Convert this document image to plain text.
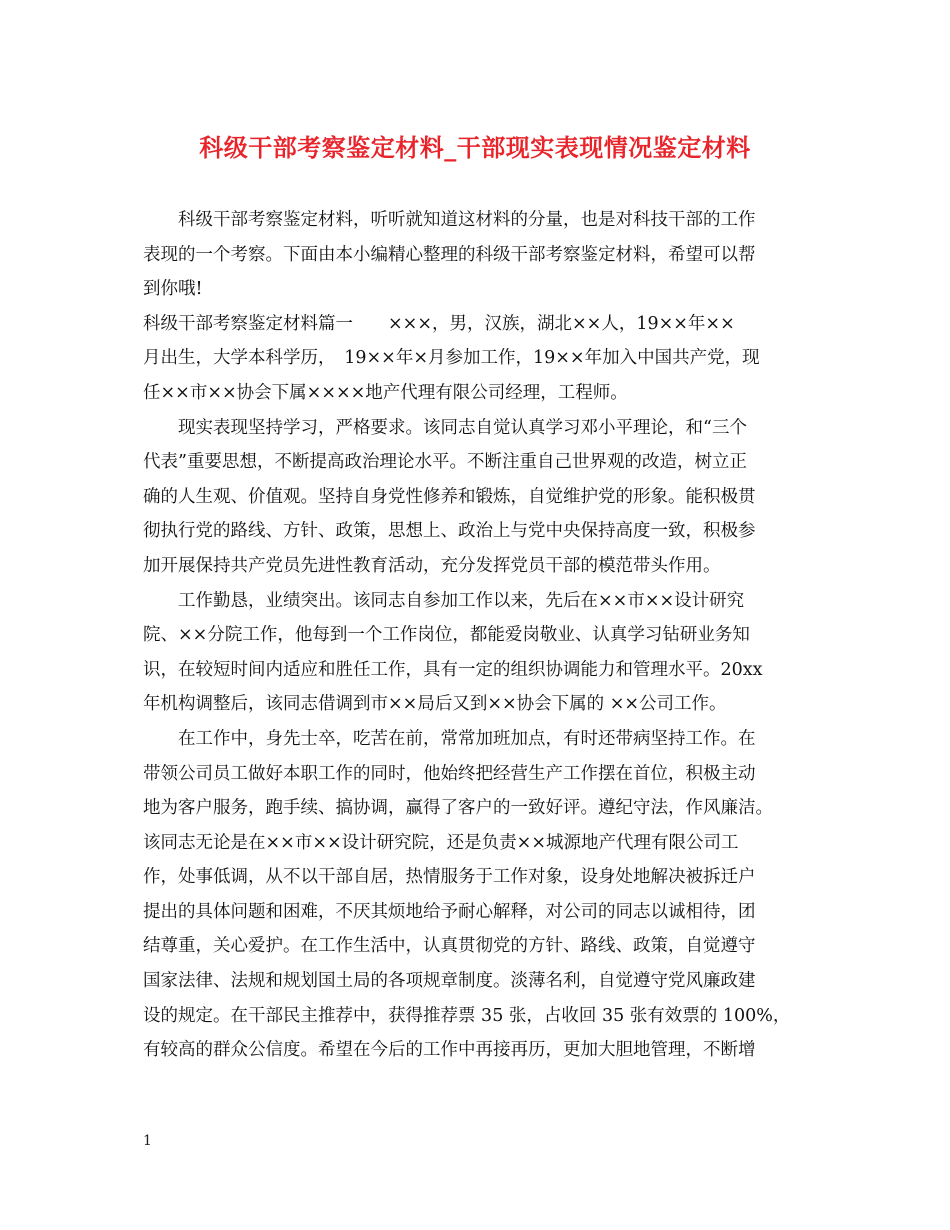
科级干部考察鉴定材料_干部现实表现情况鉴定材料
　　科级干部考察鉴定材料，听听就知道这材料的分量，也是对科技干部的工作
表现的一个考察。下面由本小编精心整理的科级干部考察鉴定材料，希望可以帮
到你哦!
科级干部考察鉴定材料篇一　　×××，男，汉族，湖北××人，19××年××
月出生，大学本科学历，　19××年×月参加工作，19××年加入中国共产党，现
任××市××协会下属××××地产代理有限公司经理，工程师。
　　现实表现坚持学习，严格要求。该同志自觉认真学习邓小平理论，和“三个
代表”重要思想，不断提高政治理论水平。不断注重自己世界观的改造，树立正
确的人生观、价值观。坚持自身党性修养和锻炼，自觉维护党的形象。能积极贯
彻执行党的路线、方针、政策，思想上、政治上与党中央保持高度一致，积极参
加开展保持共产党员先进性教育活动，充分发挥党员干部的模范带头作用。
　　工作勤恳，业绩突出。该同志自参加工作以来，先后在××市××设计研究
院、××分院工作，他每到一个工作岗位，都能爱岗敬业、认真学习钻研业务知
识，在较短时间内适应和胜任工作，具有一定的组织协调能力和管理水平。20xx
年机构调整后，该同志借调到市××局后又到××协会下属的 ××公司工作。
　　在工作中，身先士卒，吃苦在前，常常加班加点，有时还带病坚持工作。在
带领公司员工做好本职工作的同时，他始终把经营生产工作摆在首位，积极主动
地为客户服务，跑手续、搞协调，赢得了客户的一致好评。遵纪守法，作风廉洁。
该同志无论是在××市××设计研究院，还是负责××城源地产代理有限公司工
作，处事低调，从不以干部自居，热情服务于工作对象，设身处地解决被拆迁户
提出的具体问题和困难，不厌其烦地给予耐心解释，对公司的同志以诚相待，团
结尊重，关心爱护。在工作生活中，认真贯彻党的方针、路线、政策，自觉遵守
国家法律、法规和规划国土局的各项规章制度。淡薄名利，自觉遵守党风廉政建
设的规定。在干部民主推荐中，获得推荐票 35 张，占收回 35 张有效票的 100%，
有较高的群众公信度。希望在今后的工作中再接再历，更加大胆地管理，不断增
1
